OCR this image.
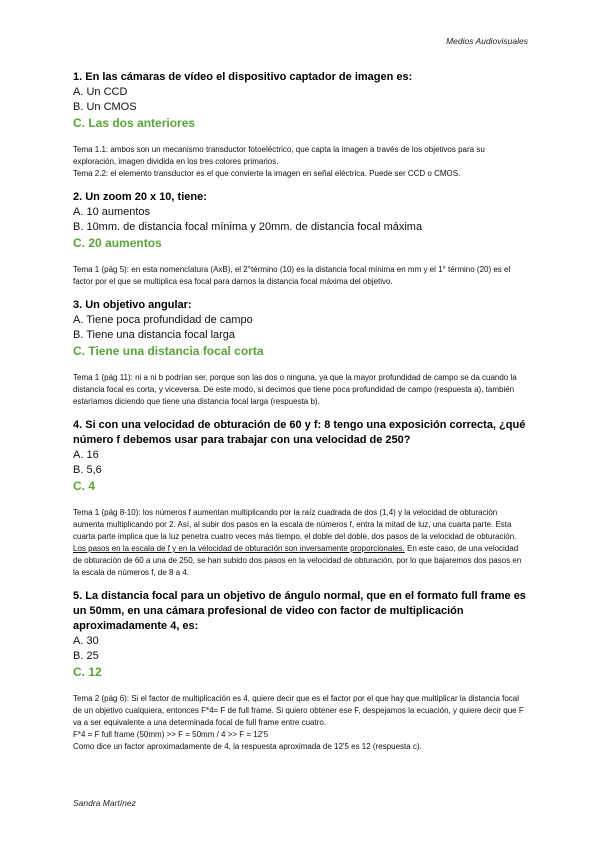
Medios Audiovisuales
1. En las cámaras de vídeo el dispositivo captador de imagen es:
A. Un CCD
B. Un CMOS
C. Las dos anteriores

Tema 1.1: ambos son un mecanismo transductor fotoeléctrico, que capta la imagen a través de los objetivos para su exploración, imagen dividida en los tres colores primarios.

Tema 2.2: el elemento transductor es el que convierte la imagen en señal eléctrica. Puede ser CCD o CMOS.

2. Un zoom 20 x 10, tiene:
A. 10 aumentos
B. 10mm. de distancia focal mínima y 20mm. de distancia focal máxima
C. 20 aumentos

Tema 1 (pág 5): en esta nomenclatura (AxB), el 2°término (10) es la distancia focal mínima en mm y el 1° término (20) es el factor por el que se multiplica esa focal para darnos la distancia focal máxima del objetivo.

3. Un objetivo angular:
A. Tiene poca profundidad de campo
B. Tiene una distancia focal larga
C. Tiene una distancia focal corta

Tema 1 (pág 11): ni a ni b podrían ser, porque son las dos o ninguna, ya que la mayor profundidad de campo se da cuando la distancia focal es corta, y viceversa. De este modo, si decimos que tiene poca profundidad de campo (respuesta a), también estaríamos diciendo que tiene una distancia focal larga (respuesta b).

4. Si con una velocidad de obturación de 60 y f: 8 tengo una exposición correcta, ¿qué número f debemos usar para trabajar con una velocidad de 250?
A. 16
B. 5,6
C. 4

Tema 1 (pág 8-10): los números f aumentan multiplicando por la raíz cuadrada de dos (1,4) y la velocidad de obturación aumenta multiplicando por 2. Así, al subir dos pasos en la escala de números f, entra la mitad de luz, una cuarta parte. Esta cuarta parte implica que la luz penetra cuatro veces más tiempo, el doble del doble, dos pasos de la velocidad de obturación. Los pasos en la escala de f y en la velocidad de obturación son inversamente proporcionales. En este caso, de una velocidad de obturación de 60 a una de 250, se han subido dos pasos en la velocidad de obturación, por lo que bajaremos dos pasos en la escala de números f, de 8 a 4.

5. La distancia focal para un objetivo de ángulo normal, que en el formato full frame es un 50mm, en una cámara profesional de video con factor de multiplicación aproximadamente 4, es:
A. 30
B. 25
C. 12

Tema 2 (pág 6): Si el factor de multiplicación es 4, quiere decir que es el factor por el que hay que multiplicar la distancia focal de un objetivo cualquiera, entonces F*4= F de full frame. Si quiero obtener ese F, despejamos la ecuación, y quiere decir que F va a ser equivalente a una determinada focal de full frame entre cuatro.

F*4 = F full frame (50mm) >> F = 50mm / 4 >> F = 12'5

Como dice un factor aproximadamente de 4, la respuesta aproximada de 12'5 es 12 (respuesta c).

Sandra Martínez
